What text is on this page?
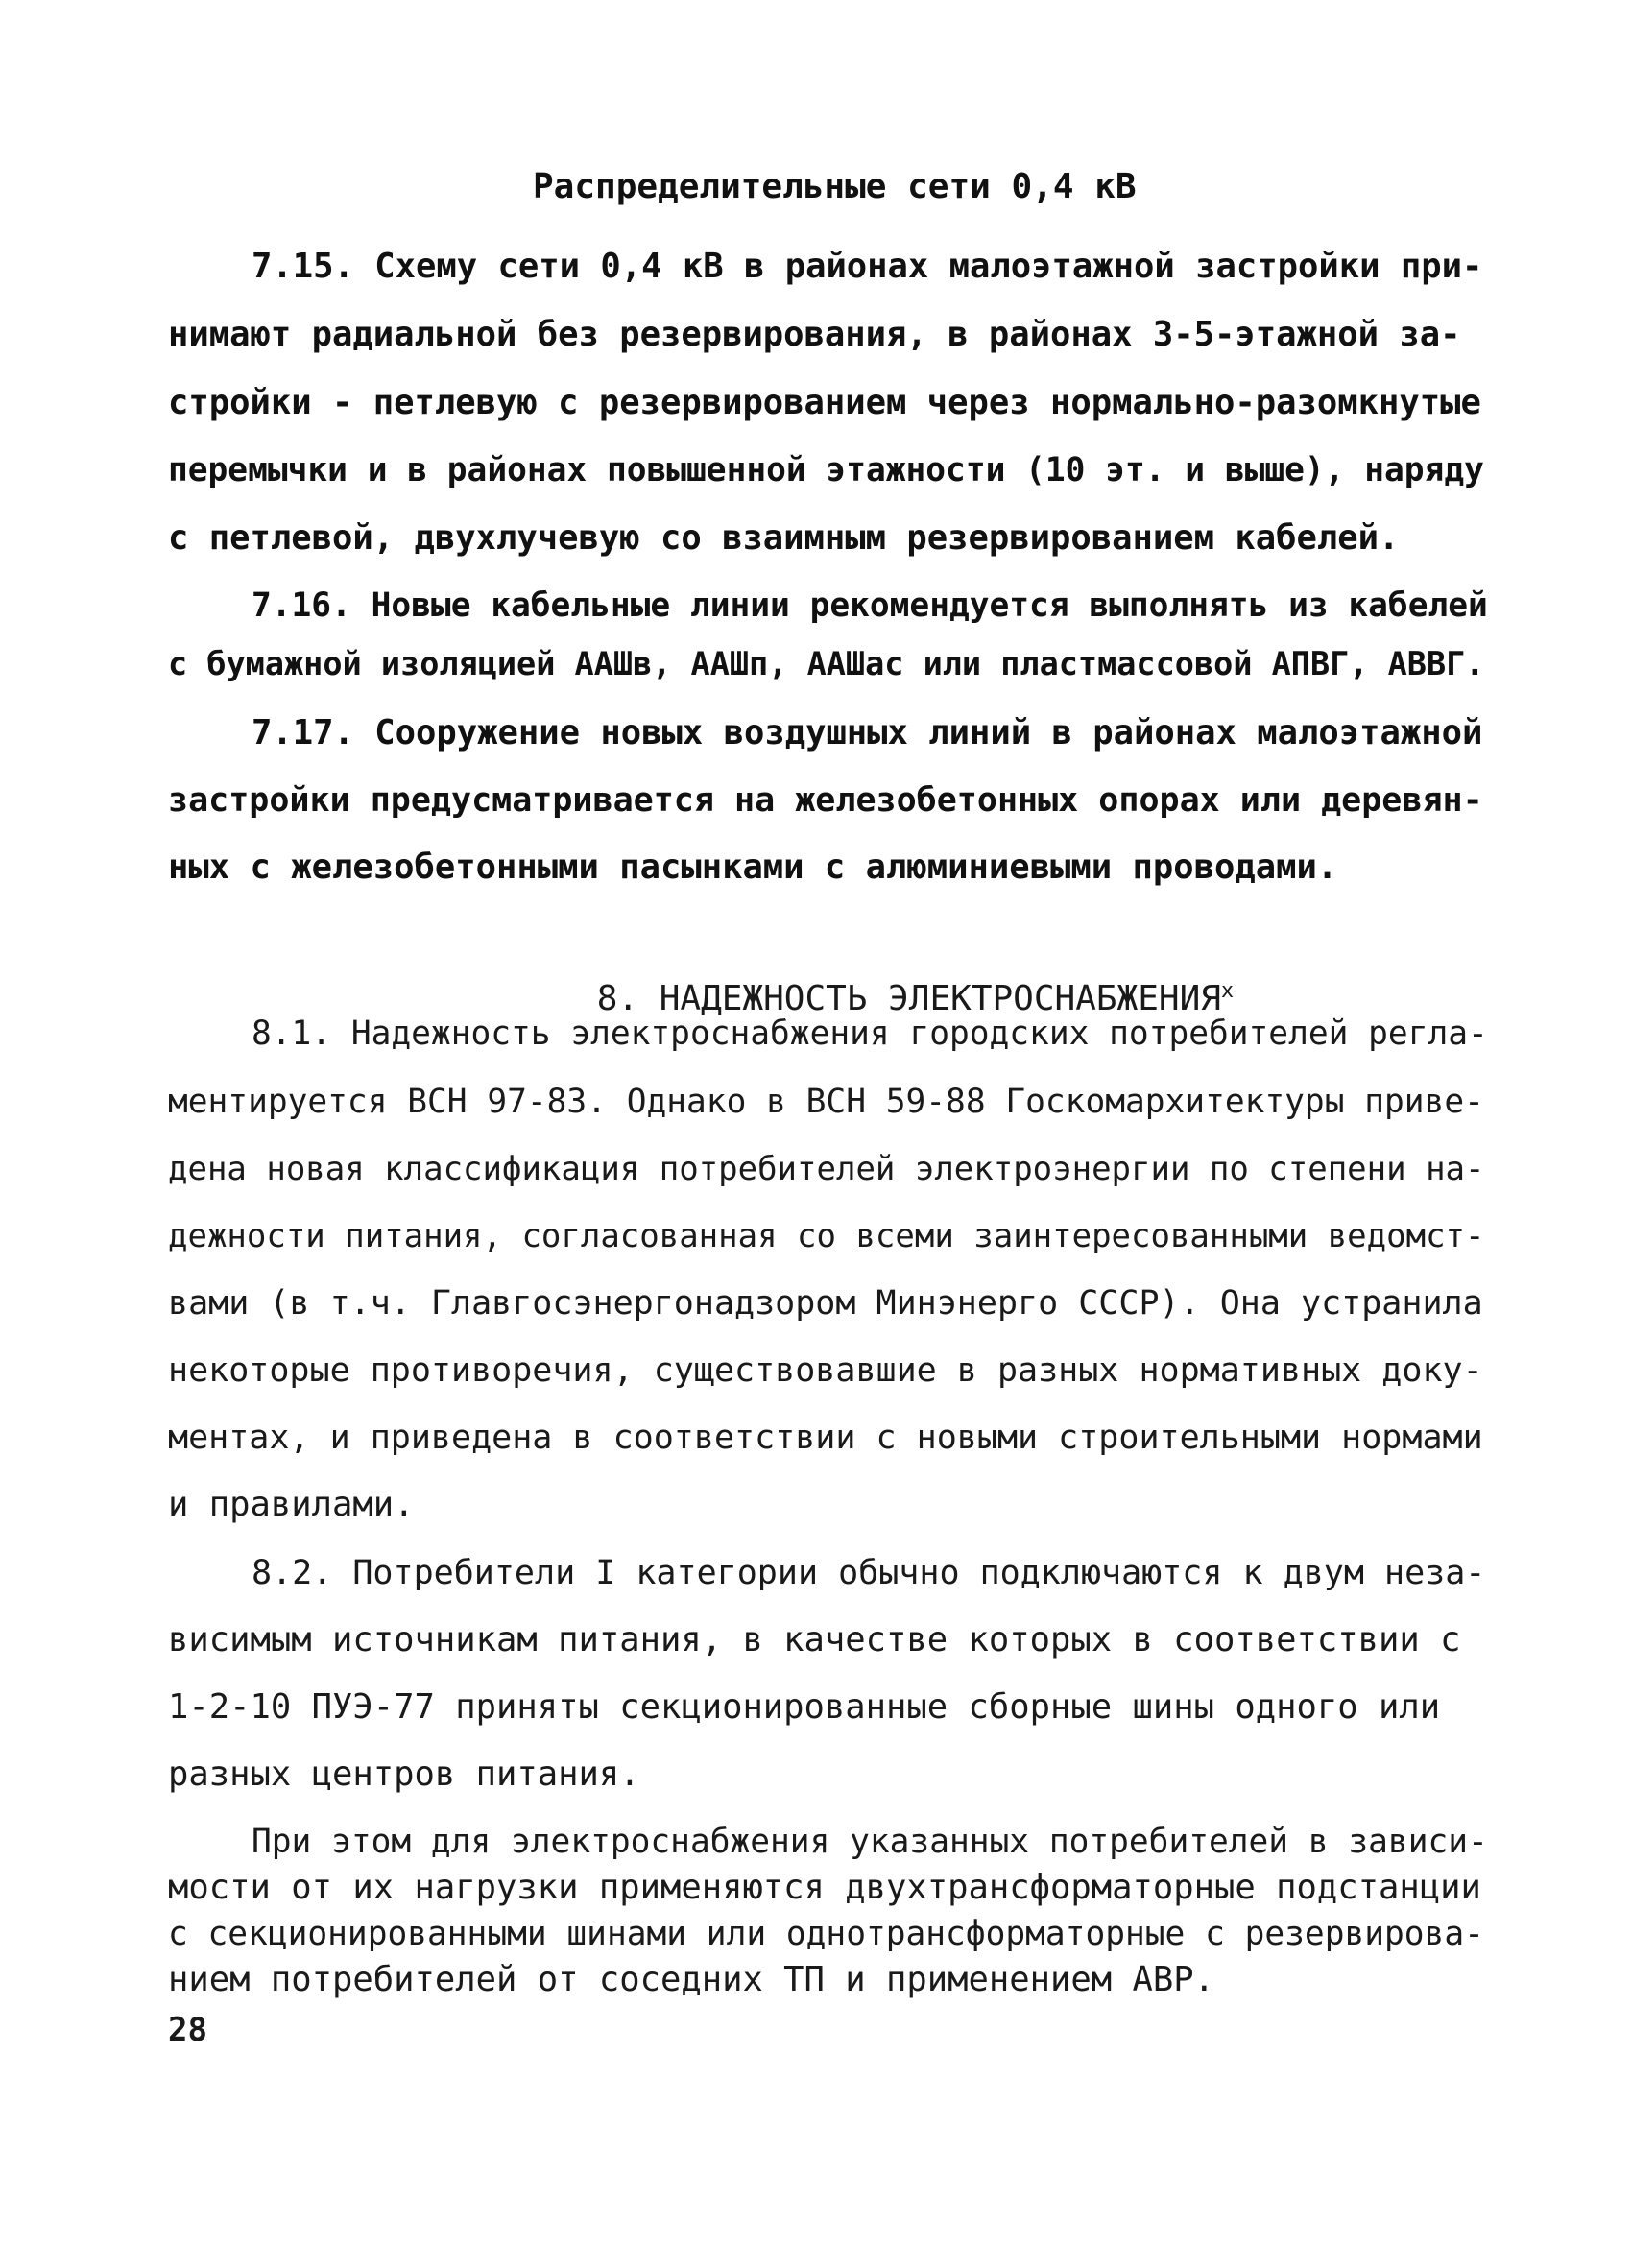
Распределительные сети 0,4 кВ
7.15. Схему сети 0,4 кВ в районах малоэтажной застройки при-
нимают радиальной без резервирования, в районах 3-5-этажной за-
стройки - петлевую с резервированием через нормально-разомкнутые
перемычки и в районах повышенной этажности (10 эт. и выше), наряду
с петлевой, двухлучевую со взаимным резервированием кабелей.
7.16. Новые кабельные линии рекомендуется выполнять из кабелей
с бумажной изоляцией ААШв, ААШп, ААШас или пластмассовой АПВГ, АВВГ.
7.17. Сооружение новых воздушных линий в районах малоэтажной
застройки предусматривается на железобетонных опорах или деревян-
ных с железобетонными пасынками с алюминиевыми проводами.

8. НАДЕЖНОСТЬ $ЭЛЕКТРОСНАБЖЕНИЯ^х$

8.1. Надежность электроснабжения городских потребителей регла-
ментируется ВСН 97-83. Однако в ВСН 59-88 Госкомархитектуры приве-
дена новая классификация потребителей электроэнергии по степени на-
дежности питания, согласованная со всеми заинтересованными ведомст-
вами (в т.ч. Главгосэнергонадзором Минэнерго СССР). Она устранила
некоторые противоречия, существовавшие в разных нормативных доку-
ментах, и приведена в соответствии с новыми строительными нормами
и правилами.
8.2. Потребители I категории обычно подключаются к двум неза-
висимым источникам питания, в качестве которых в соответствии с
1-2-10 ПУЭ-77 приняты секционированные сборные шины одного или
разных центров питания.
При этом для электроснабжения указанных потребителей в зависи-
мости от их нагрузки применяются двухтрансформаторные подстанции
с секционированными шинами или однотрансформаторные с резервирова-
нием потребителей от соседних ТП и применением АВР.
28
